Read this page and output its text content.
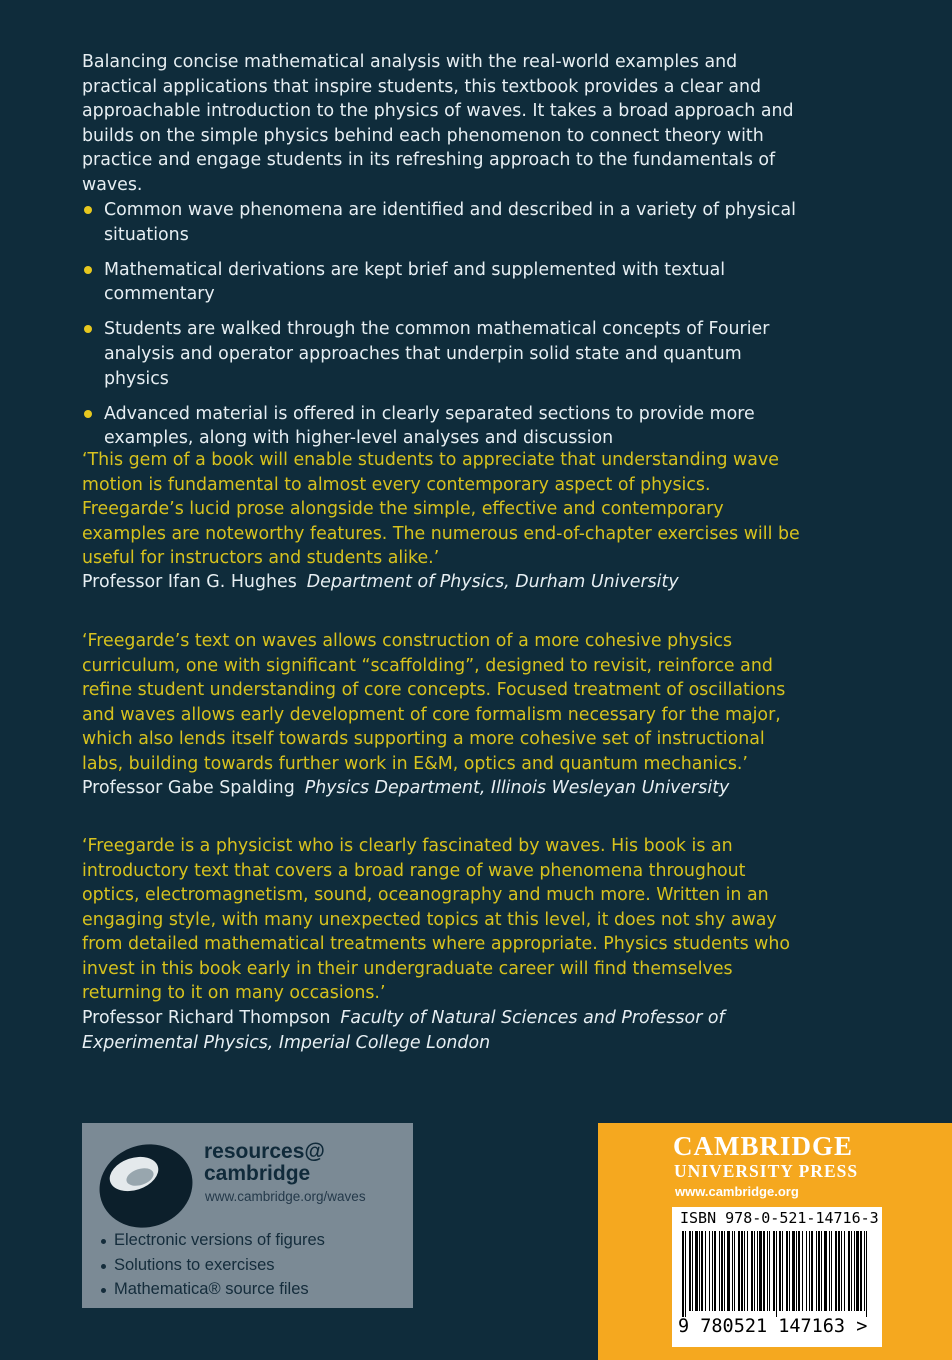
Balancing concise mathematical analysis with the real-world examples and practical applications that inspire students, this textbook provides a clear and approachable introduction to the physics of waves. It takes a broad approach and builds on the simple physics behind each phenomenon to connect theory with practice and engage students in its refreshing approach to the fundamentals of waves.

Common wave phenomena are identified and described in a variety of physical situations
Mathematical derivations are kept brief and supplemented with textual commentary
Students are walked through the common mathematical concepts of Fourier analysis and operator approaches that underpin solid state and quantum physics
Advanced material is offered in clearly separated sections to provide more examples, along with higher-level analyses and discussion

‘This gem of a book will enable students to appreciate that understanding wave motion is fundamental to almost every contemporary aspect of physics. Freegarde’s lucid prose alongside the simple, effective and contemporary examples are noteworthy features. The numerous end-of-chapter exercises will be useful for instructors and students alike.’

Professor Ifan G. Hughes Department of Physics, Durham University

‘Freegarde’s text on waves allows construction of a more cohesive physics curriculum, one with significant “scaffolding”, designed to revisit, reinforce and refine student understanding of core concepts. Focused treatment of oscillations and waves allows early development of core formalism necessary for the major, which also lends itself towards supporting a more cohesive set of instructional labs, building towards further work in E&M, optics and quantum mechanics.’

Professor Gabe Spalding Physics Department, Illinois Wesleyan University

‘Freegarde is a physicist who is clearly fascinated by waves. His book is an introductory text that covers a broad range of wave phenomena throughout optics, electromagnetism, sound, oceanography and much more. Written in an engaging style, with many unexpected topics at this level, it does not shy away from detailed mathematical treatments where appropriate. Physics students who invest in this book early in their undergraduate career will find themselves returning to it on many occasions.’

Professor Richard Thompson Faculty of Natural Sciences and Professor of Experimental Physics, Imperial College London

resources@
cambridge
www.cambridge.org/waves
Electronic versions of figures
Solutions to exercises
Mathematica® source files
CAMBRIDGE
UNIVERSITY PRESS
www.cambridge.org
ISBN 978-0-521-14716-3
9 780521 147163 >
